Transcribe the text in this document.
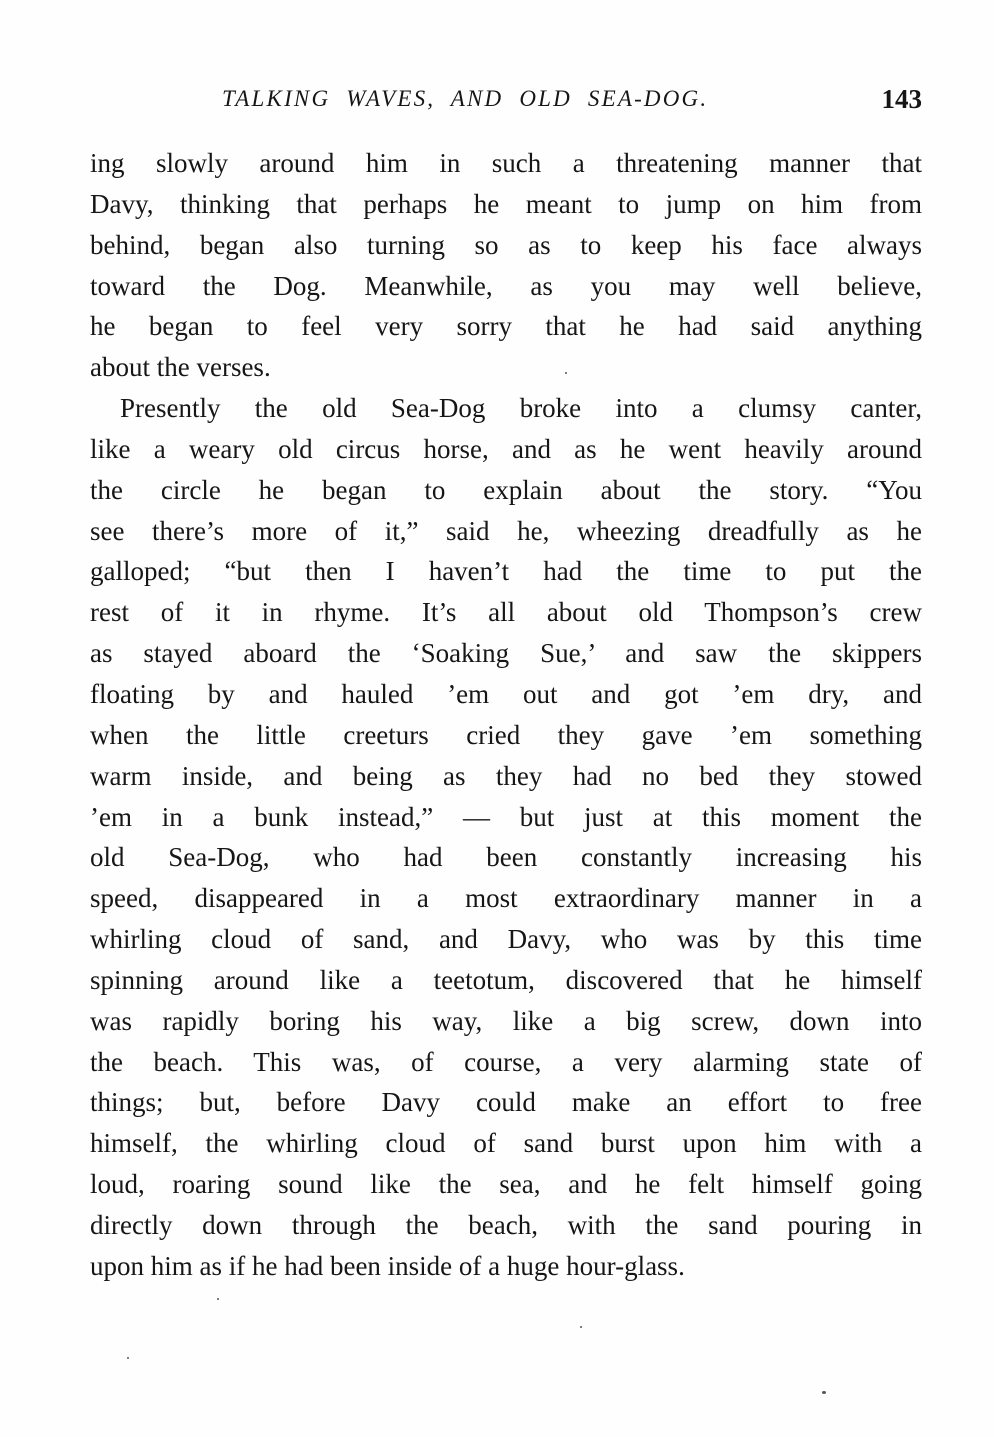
TALKING WAVES, AND OLD SEA-DOG.	143
ing slowly around him in such a threatening manner that
Davy, thinking that perhaps he meant to jump on him from
behind, began also turning so as to keep his face always
toward the Dog. Meanwhile, as you may well believe,
he began to feel very sorry that he had said anything
about the verses.
Presently the old Sea-Dog broke into a clumsy canter,
like a weary old circus horse, and as he went heavily around
the circle he began to explain about the story. “You
see there’s more of it,” said he, wheezing dreadfully as he
galloped; “but then I haven’t had the time to put the
rest of it in rhyme. It’s all about old Thompson’s crew
as stayed aboard the ‘Soaking Sue,’ and saw the skippers
floating by and hauled ’em out and got ’em dry, and
when the little creeturs cried they gave ’em something
warm inside, and being as they had no bed they stowed
’em in a bunk instead,” — but just at this moment the
old Sea-Dog, who had been constantly increasing his
speed, disappeared in a most extraordinary manner in a
whirling cloud of sand, and Davy, who was by this time
spinning around like a teetotum, discovered that he himself
was rapidly boring his way, like a big screw, down into
the beach. This was, of course, a very alarming state of
things; but, before Davy could make an effort to free
himself, the whirling cloud of sand burst upon him with a
loud, roaring sound like the sea, and he felt himself going
directly down through the beach, with the sand pouring in
upon him as if he had been inside of a huge hour-glass.
